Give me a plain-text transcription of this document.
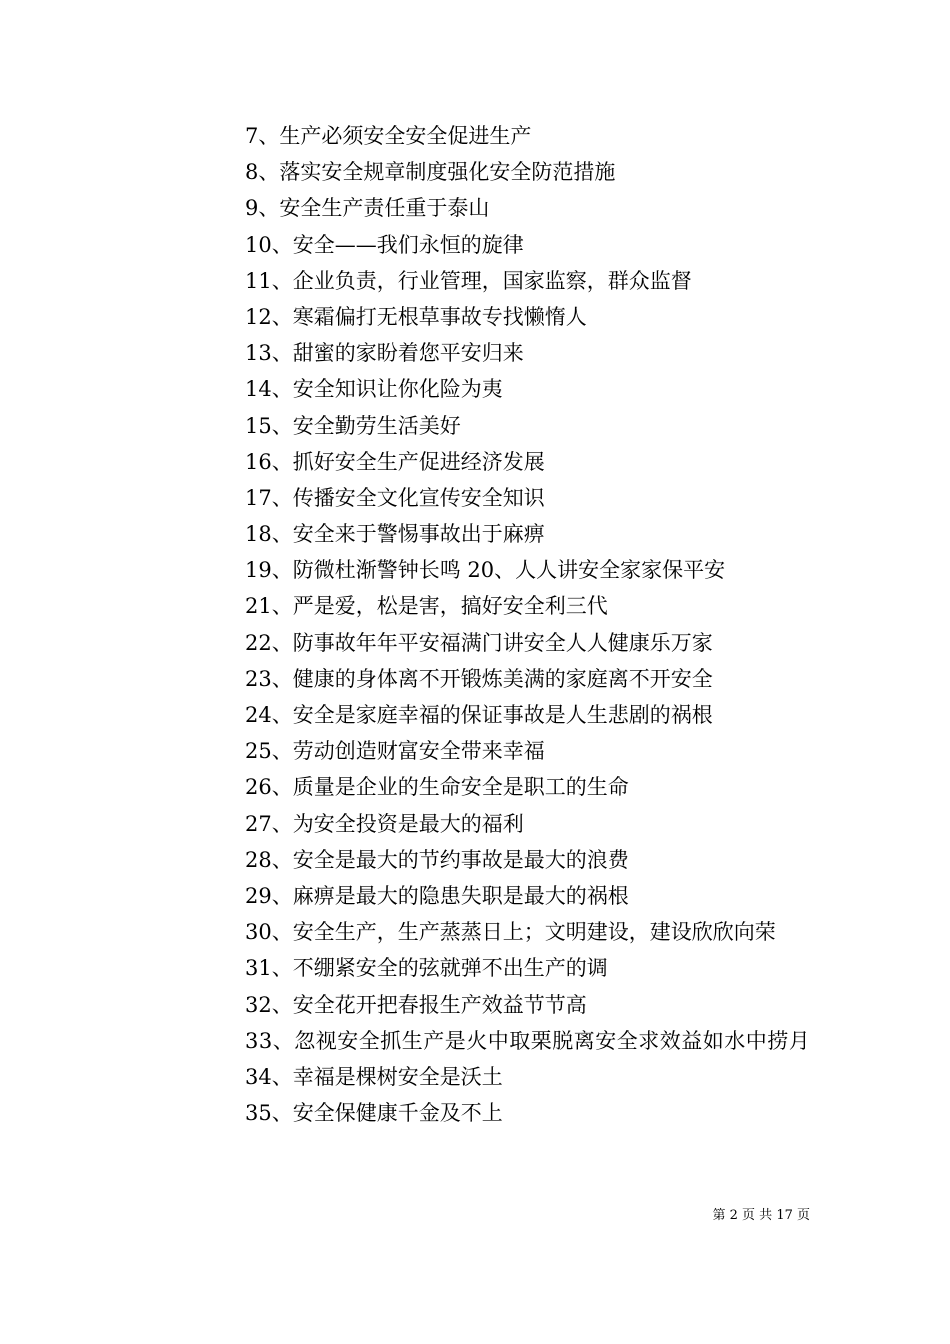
7、生产必须安全安全促进生产
8、落实安全规章制度强化安全防范措施
9、安全生产责任重于泰山
10、安全——我们永恒的旋律
11、企业负责，行业管理，国家监察，群众监督
12、寒霜偏打无根草事故专找懒惰人
13、甜蜜的家盼着您平安归来
14、安全知识让你化险为夷
15、安全勤劳生活美好
16、抓好安全生产促进经济发展
17、传播安全文化宣传安全知识
18、安全来于警惕事故出于麻痹
19、防微杜渐警钟长鸣 20、人人讲安全家家保平安
21、严是爱，松是害，搞好安全利三代
22、防事故年年平安福满门讲安全人人健康乐万家
23、健康的身体离不开锻炼美满的家庭离不开安全
24、安全是家庭幸福的保证事故是人生悲剧的祸根
25、劳动创造财富安全带来幸福
26、质量是企业的生命安全是职工的生命
27、为安全投资是最大的福利
28、安全是最大的节约事故是最大的浪费
29、麻痹是最大的隐患失职是最大的祸根
30、安全生产，生产蒸蒸日上；文明建设，建设欣欣向荣
31、不绷紧安全的弦就弹不出生产的调
32、安全花开把春报生产效益节节高
33、忽视安全抓生产是火中取栗脱离安全求效益如水中捞月
34、幸福是棵树安全是沃土
35、安全保健康千金及不上
第 2 页 共 17 页
